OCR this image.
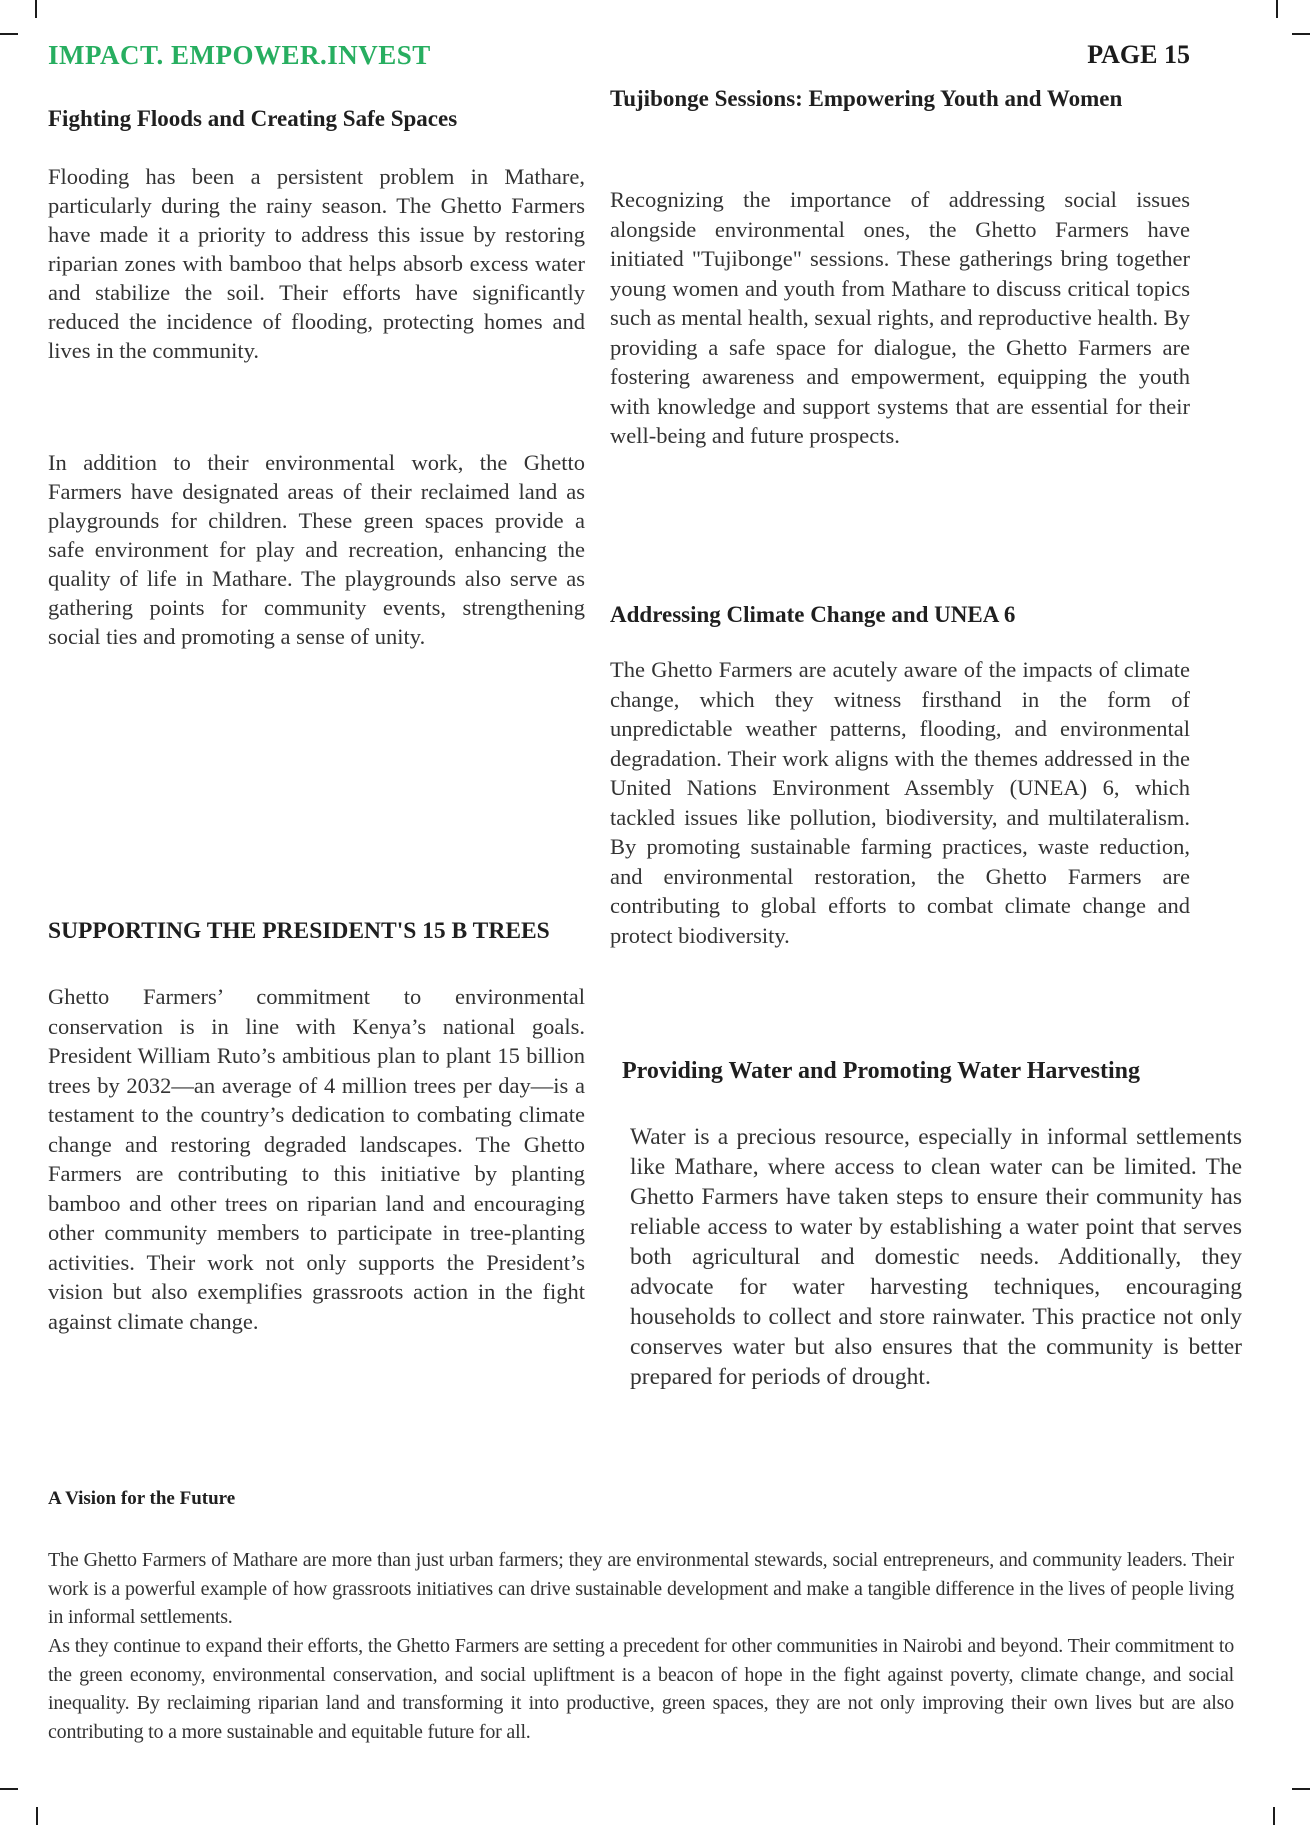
IMPACT. EMPOWER.INVEST	PAGE 15
Fighting Floods and Creating Safe Spaces

Flooding has been a persistent problem in Mathare, particularly during the rainy season. The Ghetto Farmers have made it a priority to address this issue by restoring riparian zones with bamboo that helps absorb excess water and stabilize the soil. Their efforts have significantly reduced the incidence of flooding, protecting homes and lives in the community.

In addition to their environmental work, the Ghetto Farmers have designated areas of their reclaimed land as playgrounds for children. These green spaces provide a safe environment for play and recreation, enhancing the quality of life in Mathare. The playgrounds also serve as gathering points for community events, strengthening social ties and promoting a sense of unity.

SUPPORTING THE PRESIDENT'S 15 B TREES

Ghetto Farmers’ commitment to environmental conservation is in line with Kenya’s national goals. President William Ruto’s ambitious plan to plant 15 billion trees by 2032—an average of 4 million trees per day—is a testament to the country’s dedication to combating climate change and restoring degraded landscapes. The Ghetto Farmers are contributing to this initiative by planting bamboo and other trees on riparian land and encouraging other community members to participate in tree-planting activities. Their work not only supports the President’s vision but also exemplifies grassroots action in the fight against climate change.

A Vision for the Future
Tujibonge Sessions: Empowering Youth and Women

Recognizing the importance of addressing social issues alongside environmental ones, the Ghetto Farmers have initiated "Tujibonge" sessions. These gatherings bring together young women and youth from Mathare to discuss critical topics such as mental health, sexual rights, and reproductive health. By providing a safe space for dialogue, the Ghetto Farmers are fostering awareness and empowerment, equipping the youth with knowledge and support systems that are essential for their well-being and future prospects.

Addressing Climate Change and UNEA 6

The Ghetto Farmers are acutely aware of the impacts of climate change, which they witness firsthand in the form of unpredictable weather patterns, flooding, and environmental degradation. Their work aligns with the themes addressed in the United Nations Environment Assembly (UNEA) 6, which tackled issues like pollution, biodiversity, and multilateralism. By promoting sustainable farming practices, waste reduction, and environmental restoration, the Ghetto Farmers are contributing to global efforts to combat climate change and protect biodiversity.

Providing Water and Promoting Water Harvesting

Water is a precious resource, especially in informal settlements like Mathare, where access to clean water can be limited. The Ghetto Farmers have taken steps to ensure their community has reliable access to water by establishing a water point that serves both agricultural and domestic needs. Additionally, they advocate for water harvesting techniques, encouraging households to collect and store rainwater. This practice not only conserves water but also ensures that the community is better prepared for periods of drought.

The Ghetto Farmers of Mathare are more than just urban farmers; they are environmental stewards, social entrepreneurs, and community leaders. Their work is a powerful example of how grassroots initiatives can drive sustainable development and make a tangible difference in the lives of people living in informal settlements.

As they continue to expand their efforts, the Ghetto Farmers are setting a precedent for other communities in Nairobi and beyond. Their commitment to the green economy, environmental conservation, and social upliftment is a beacon of hope in the fight against poverty, climate change, and social inequality. By reclaiming riparian land and transforming it into productive, green spaces, they are not only improving their own lives but are also contributing to a more sustainable and equitable future for all.
